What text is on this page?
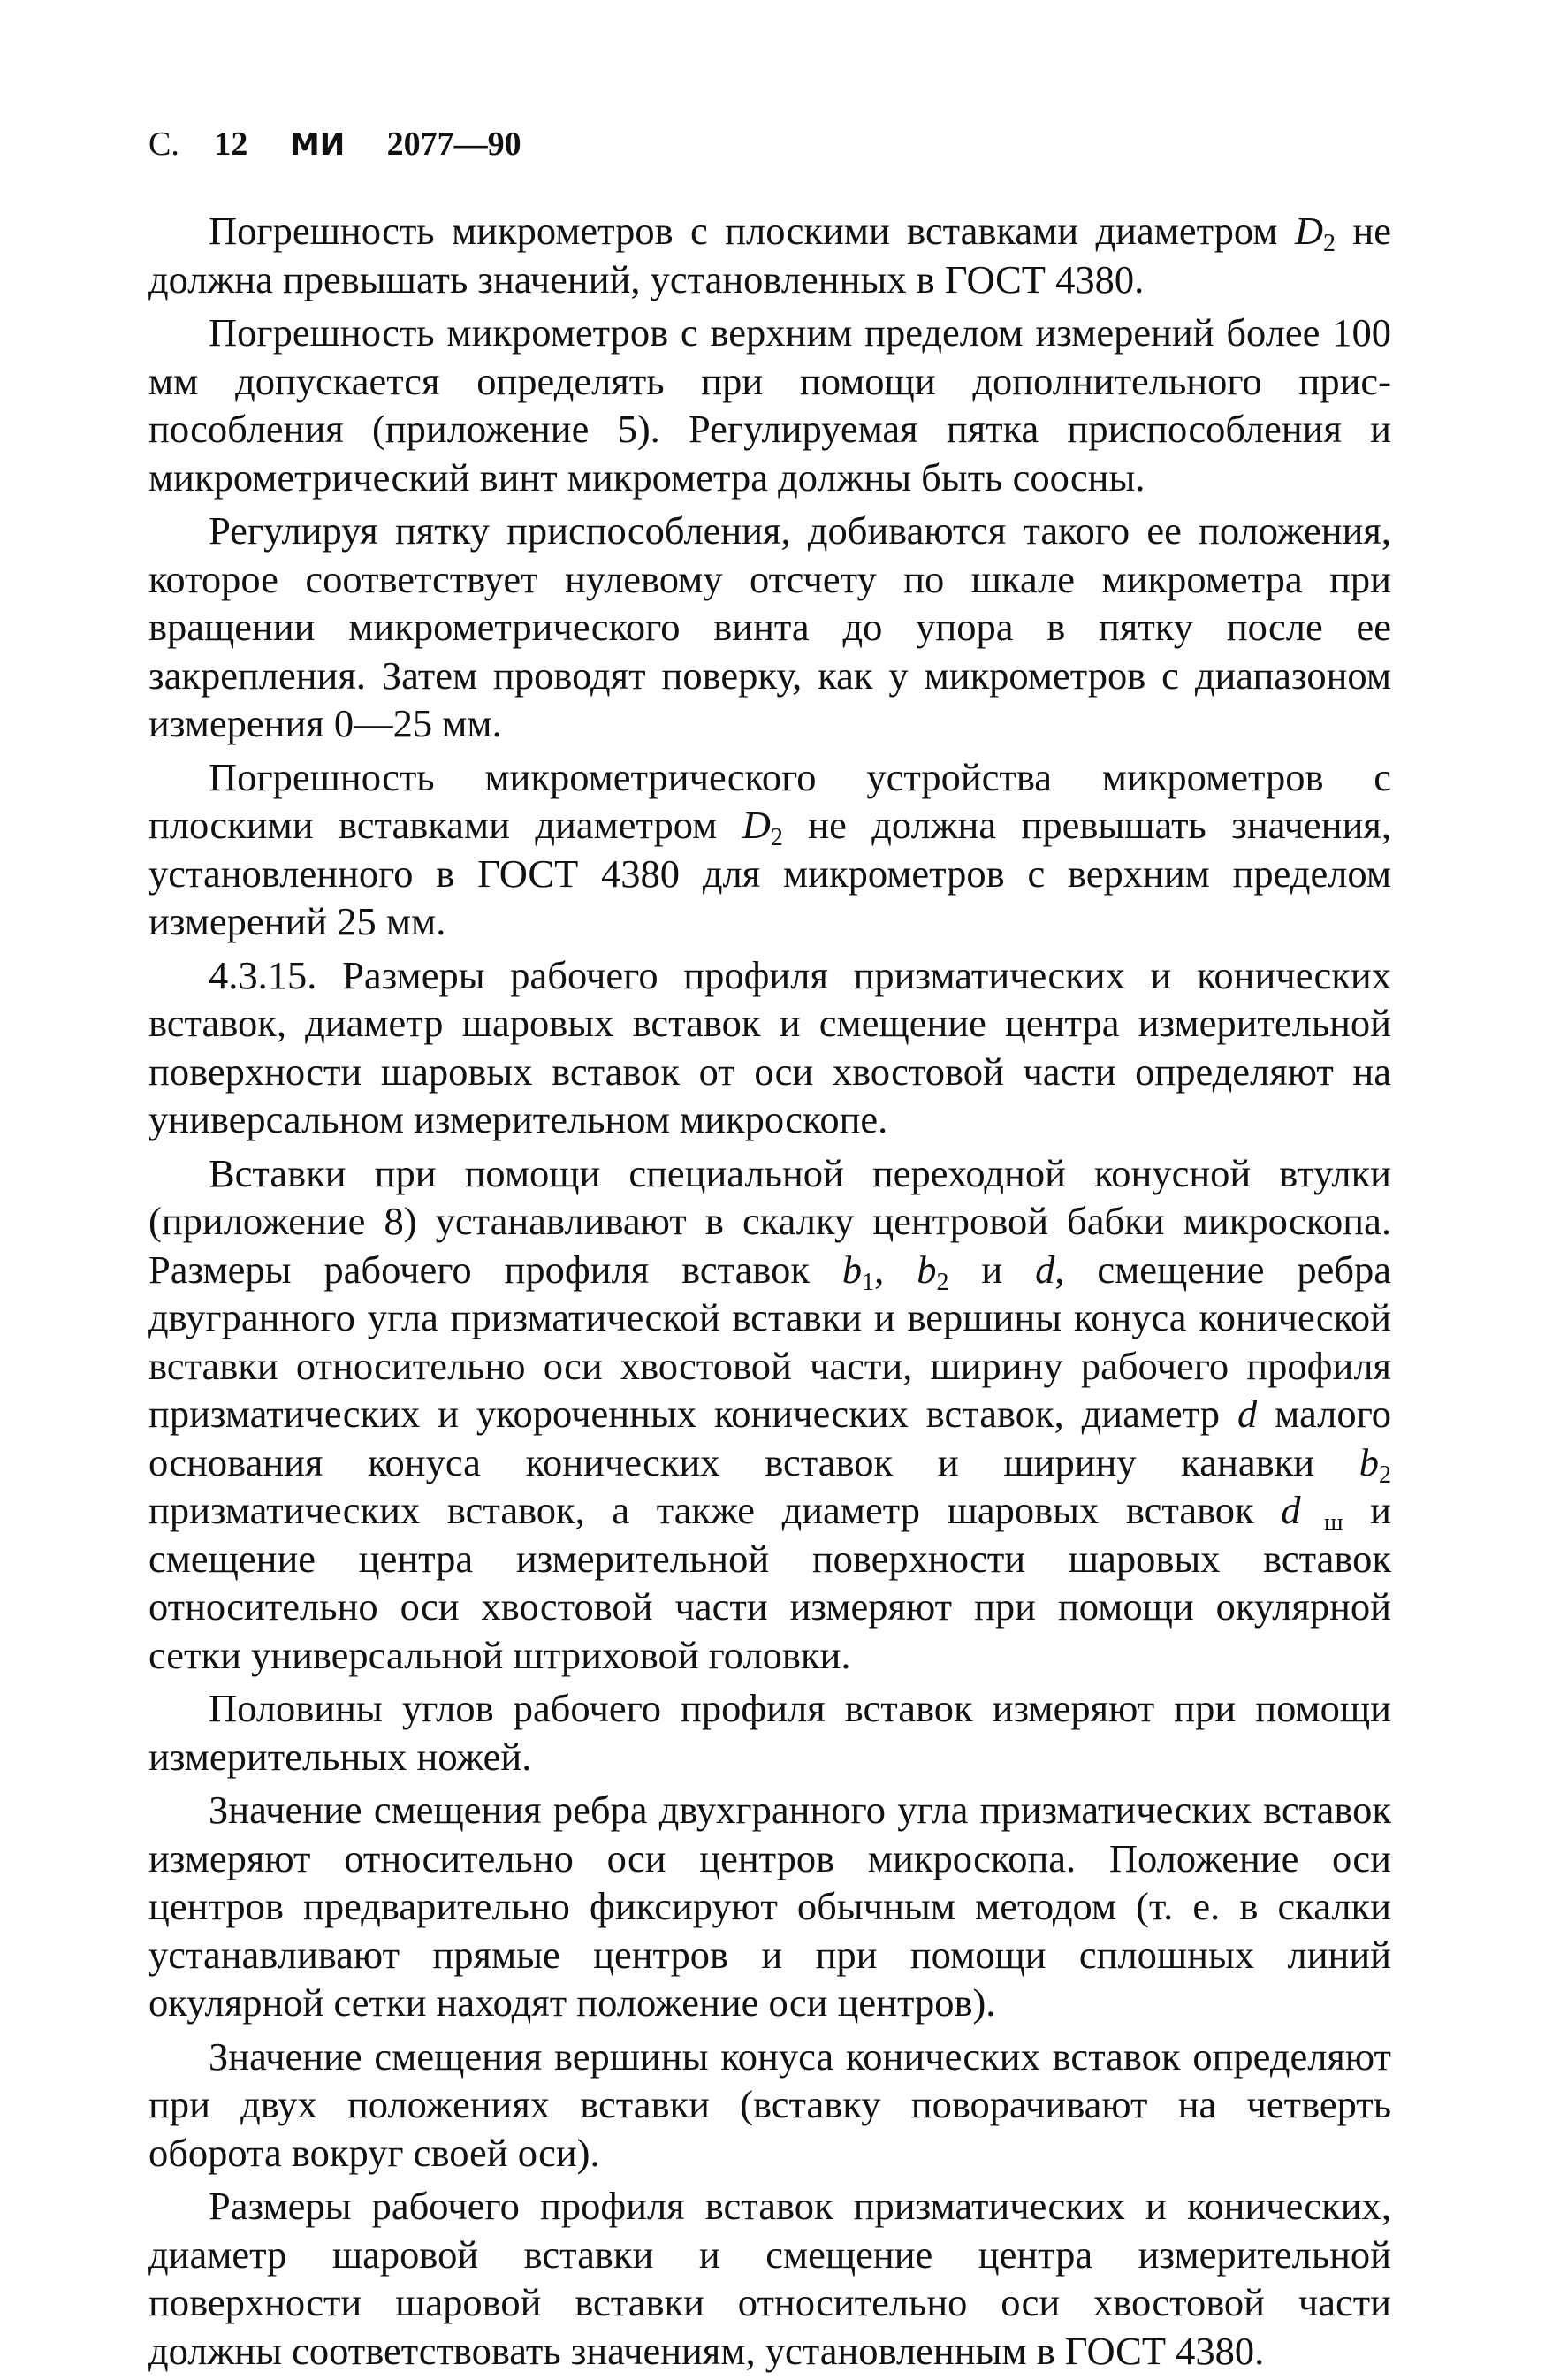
С. 12 МИ 2077—90

Погрешность микрометров с плоскими вставками диаметром $D_2$ не должна превышать значений, установленных в ГОСТ 4380.

Погрешность микрометров с верхним пределом измерений более 100 мм допускается определять при помощи дополнительного приспособления (приложение 5). Регулируемая пятка приспособления и микрометрический винт микрометра должны быть соосны.

Регулируя пятку приспособления, добиваются такого ее положения, которое соответствует нулевому отсчету по шкале микрометра при вращении микрометрического винта до упора в пятку после ее закрепления. Затем проводят поверку, как у микрометров с диапазоном измерения 0—25 мм.

Погрешность микрометрического устройства микрометров с плоскими вставками диаметром $D_2$ не должна превышать значения, установленного в ГОСТ 4380 для микрометров с верхним пределом измерений 25 мм.

4.3.15. Размеры рабочего профиля призматических и конических вставок, диаметр шаровых вставок и смещение центра измерительной поверхности шаровых вставок от оси хвостовой части определяют на универсальном измерительном микроскопе.

Вставки при помощи специальной переходной конусной втулки (приложение 8) устанавливают в скалку центровой бабки микроскопа. Размеры рабочего профиля вставок $b_1$, $b_2$ и d, смещение ребра двугранного угла призматической вставки и вершины конуса конической вставки относительно оси хвостовой части, ширину рабочего профиля призматических и укороченных конических вставок, диаметр d малого основания конуса конических вставок и ширину канавки $b_2$ призматических вставок, а также диаметр шаровых вставок d $_ш$ и смещение центра измерительной поверхности шаровых вставок относительно оси хвостовой части измеряют при помощи окулярной сетки универсальной штриховой головки.

Половины углов рабочего профиля вставок измеряют при помощи измерительных ножей.

Значение смещения ребра двухгранного угла призматических вставок измеряют относительно оси центров микроскопа. Положение оси центров предварительно фиксируют обычным методом (т. е. в скалки устанавливают прямые центров и при помощи сплошных линий окулярной сетки находят положение оси центров).

Значение смещения вершины конуса конических вставок определяют при двух положениях вставки (вставку поворачивают на четверть оборота вокруг своей оси).

Размеры рабочего профиля вставок призматических и конических, диаметр шаровой вставки и смещение центра измерительной поверхности шаровой вставки относительно оси хвостовой части должны соответствовать значениям, установленным в ГОСТ 4380.
